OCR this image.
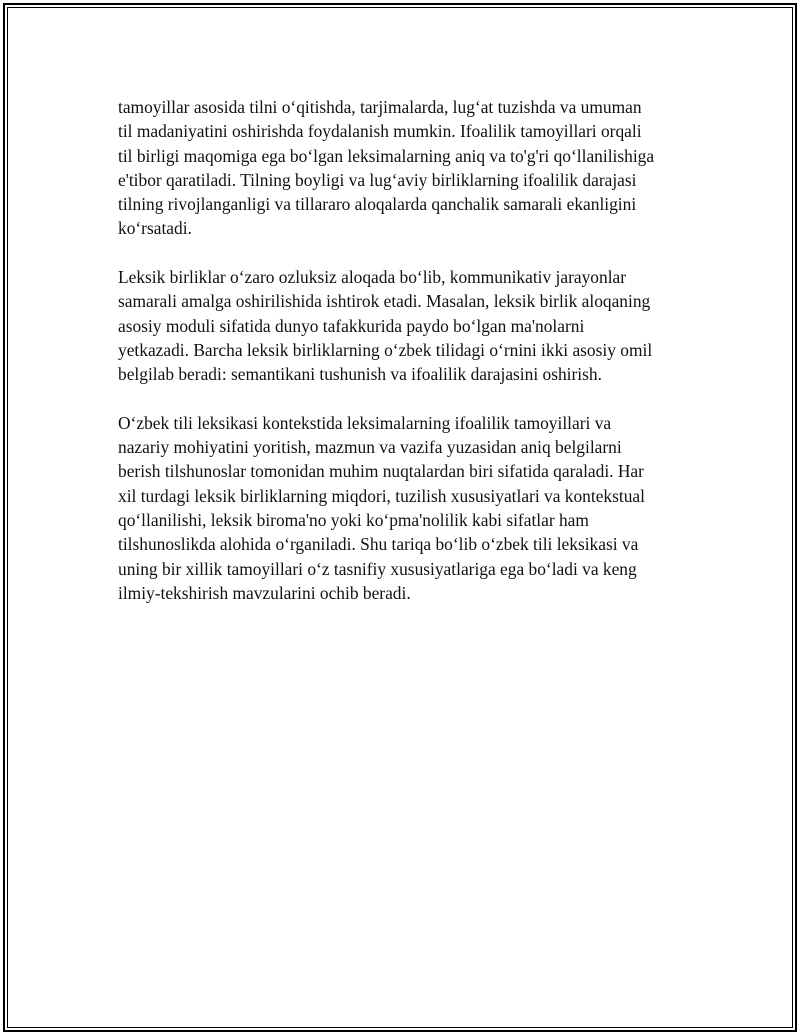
tamoyillar asosida tilni o‘qitishda, tarjimalarda, lug‘at tuzishda va umuman
til madaniyatini oshirishda foydalanish mumkin. Ifoalilik tamoyillari orqali
til birligi maqomiga ega bo‘lgan leksimalarning aniq va to'g'ri qo‘llanilishiga
e'tibor qaratiladi. Tilning boyligi va lug‘aviy birliklarning ifoalilik darajasi
tilning rivojlanganligi va tillararo aloqalarda qanchalik samarali ekanligini
ko‘rsatadi.

Leksik birliklar o‘zaro ozluksiz aloqada bo‘lib, kommunikativ jarayonlar
samarali amalga oshirilishida ishtirok etadi. Masalan, leksik birlik aloqaning
asosiy moduli sifatida dunyo tafakkurida paydo bo‘lgan ma'nolarni
yetkazadi. Barcha leksik birliklarning o‘zbek tilidagi o‘rnini ikki asosiy omil
belgilab beradi: semantikani tushunish va ifoalilik darajasini oshirish.

O‘zbek tili leksikasi kontekstida leksimalarning ifoalilik tamoyillari va
nazariy mohiyatini yoritish, mazmun va vazifa yuzasidan aniq belgilarni
berish tilshunoslar tomonidan muhim nuqtalardan biri sifatida qaraladi. Har
xil turdagi leksik birliklarning miqdori, tuzilish xususiyatlari va kontekstual
qo‘llanilishi, leksik biroma'no yoki ko‘pma'nolilik kabi sifatlar ham
tilshunoslikda alohida o‘rganiladi. Shu tariqa bo‘lib o‘zbek tili leksikasi va
uning bir xillik tamoyillari o‘z tasnifiy xususiyatlariga ega bo‘ladi va keng
ilmiy-tekshirish mavzularini ochib beradi.
